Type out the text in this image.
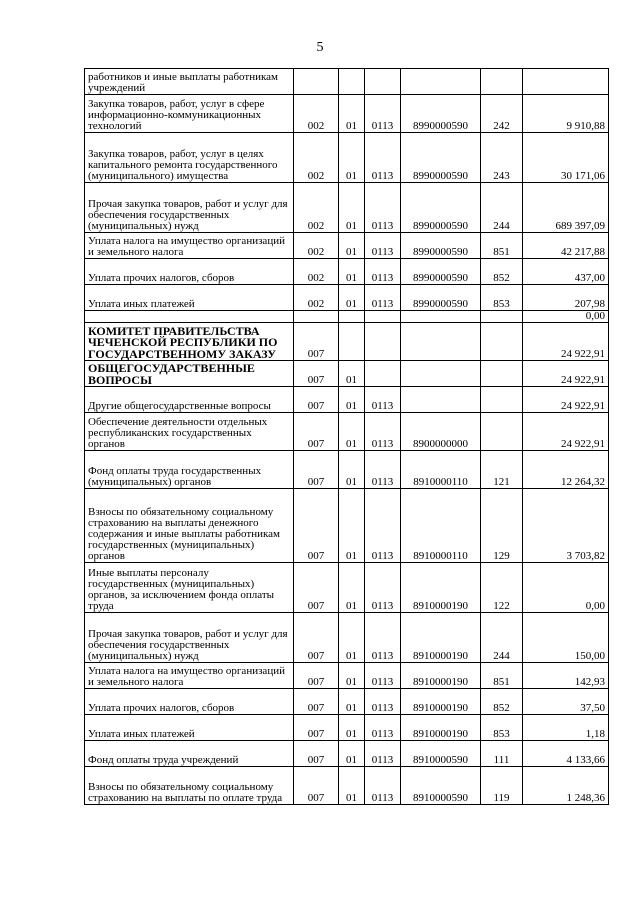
5
работников и иные выплаты работникам учреждений						
Закупка товаров, работ, услуг в сфере информационно-коммуникационных технологий	002	01	0113	8990000590	242	9 910,88
Закупка товаров, работ, услуг в целях капитального ремонта государственного (муниципального) имущества	002	01	0113	8990000590	243	30 171,06
Прочая закупка товаров, работ и услуг для обеспечения государственных (муниципальных) нужд	002	01	0113	8990000590	244	689 397,09
Уплата налога на имущество организаций и земельного налога	002	01	0113	8990000590	851	42 217,88
Уплата прочих налогов, сборов	002	01	0113	8990000590	852	437,00
Уплата иных платежей	002	01	0113	8990000590	853	207,98
						0,00
КОМИТЕТ ПРАВИТЕЛЬСТВА ЧЕЧЕНСКОЙ РЕСПУБЛИКИ ПО ГОСУДАРСТВЕННОМУ ЗАКАЗУ	007					24 922,91
ОБЩЕГОСУДАРСТВЕННЫЕ ВОПРОСЫ	007	01				24 922,91
Другие общегосударственные вопросы	007	01	0113			24 922,91
Обеспечение деятельности отдельных республиканских государственных органов	007	01	0113	8900000000		24 922,91
Фонд оплаты труда государственных (муниципальных) органов	007	01	0113	8910000110	121	12 264,32
Взносы по обязательному социальному страхованию на выплаты денежного содержания и иные выплаты работникам государственных (муниципальных) органов	007	01	0113	8910000110	129	3 703,82
Иные выплаты персоналу государственных (муниципальных) органов, за исключением фонда оплаты труда	007	01	0113	8910000190	122	0,00
Прочая закупка товаров, работ и услуг для обеспечения государственных (муниципальных) нужд	007	01	0113	8910000190	244	150,00
Уплата налога на имущество организаций и земельного налога	007	01	0113	8910000190	851	142,93
Уплата прочих налогов, сборов	007	01	0113	8910000190	852	37,50
Уплата иных платежей	007	01	0113	8910000190	853	1,18
Фонд оплаты труда учреждений	007	01	0113	8910000590	111	4 133,66
Взносы по обязательному социальному страхованию на выплаты по оплате труда	007	01	0113	8910000590	119	1 248,36
